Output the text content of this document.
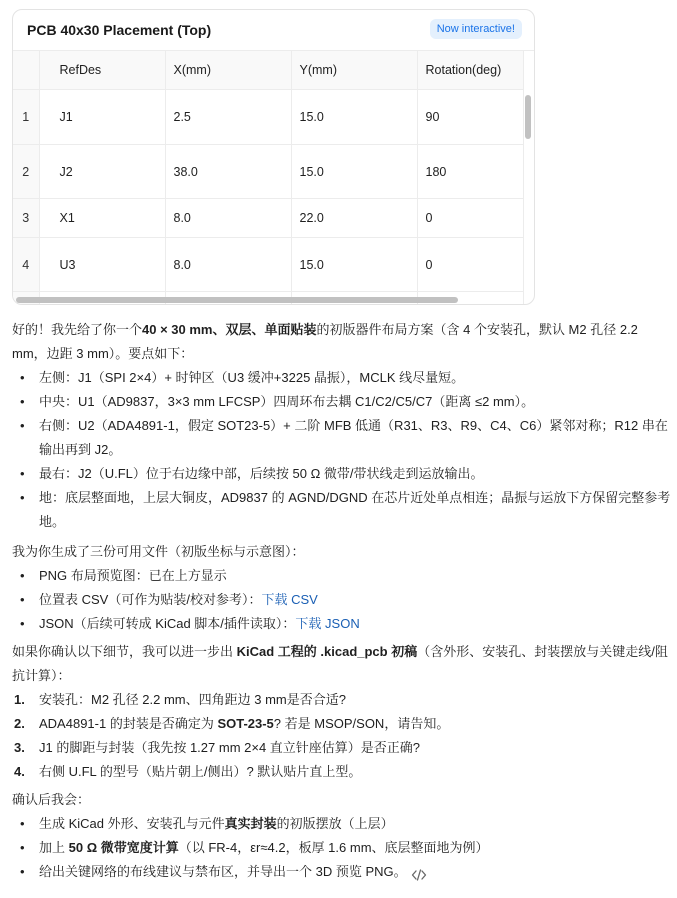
PCB 40x30 Placement (Top)	Now interactive!
	RefDes	X(mm)	Y(mm)	Rotation(deg)
1	J1	2.5	15.0	90
2	J2	38.0	15.0	180
3	X1	8.0	22.0	0
4	U3	8.0	15.0	0

好的！我先给了你一个40 × 30 mm、双层、单面贴装的初版器件布局方案（含 4 个安装孔，默认 M2 孔径 2.2 mm，边距 3 mm）。要点如下：

• 左侧：J1（SPI 2×4）+ 时钟区（U3 缓冲+3225 晶振），MCLK 线尽量短。
• 中央：U1（AD9837，3×3 mm LFCSP）四周环布去耦 C1/C2/C5/C7（距离 ≤2 mm）。
• 右侧：U2（ADA4891-1，假定 SOT23-5）+ 二阶 MFB 低通（R31、R3、R9、C4、C6）紧邻对称；R12 串在输出再到 J2。
• 最右：J2（U.FL）位于右边缘中部，后续按 50 Ω 微带/带状线走到运放输出。
• 地：底层整面地，上层大铜皮，AD9837 的 AGND/DGND 在芯片近处单点相连；晶振与运放下方保留完整参考地。

我为你生成了三份可用文件（初版坐标与示意图）：

• PNG 布局预览图：已在上方显示
• 位置表 CSV（可作为贴装/校对参考）：下载 CSV
• JSON（后续可转成 KiCad 脚本/插件读取）：下载 JSON

如果你确认以下细节，我可以进一步出 KiCad 工程的 .kicad_pcb 初稿（含外形、安装孔、封装摆放与关键走线/阻抗计算）：

1. 安装孔：M2 孔径 2.2 mm、四角距边 3 mm是否合适?
2. ADA4891-1 的封装是否确定为 SOT-23-5? 若是 MSOP/SON，请告知。
3. J1 的脚距与封装（我先按 1.27 mm 2×4 直立针座估算）是否正确?
4. 右侧 U.FL 的型号（贴片朝上/侧出）? 默认贴片直上型。

确认后我会：

• 生成 KiCad 外形、安装孔与元件真实封装的初版摆放（上层）
• 加上 50 Ω 微带宽度计算（以 FR-4，εr≈4.2，板厚 1.6 mm、底层整面地为例）
• 给出关键网络的布线建议与禁布区，并导出一个 3D 预览 PNG。
